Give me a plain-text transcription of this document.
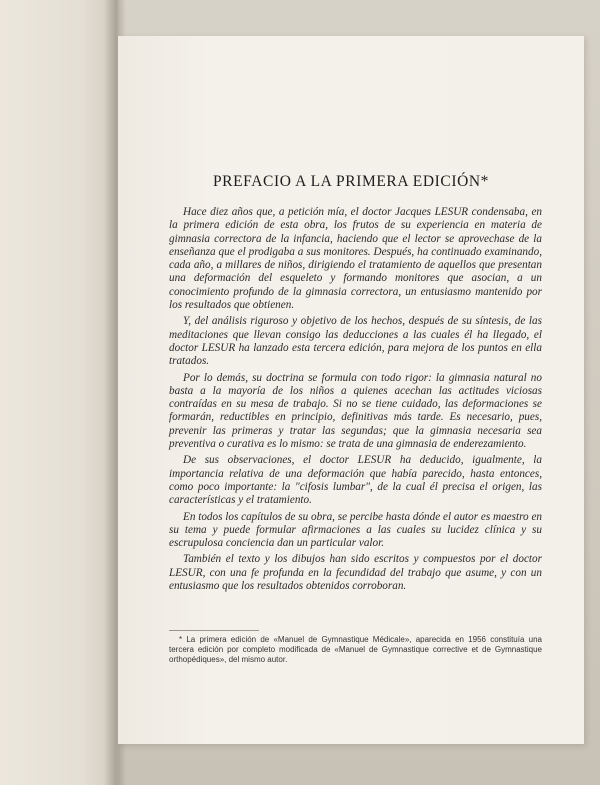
PREFACIO A LA PRIMERA EDICIÓN*

Hace diez años que, a petición mía, el doctor Jacques LESUR condensaba, en la primera edición de esta obra, los frutos de su experiencia en materia de gimnasia correctora de la infancia, haciendo que el lector se aprovechase de la enseñanza que el prodigaba a sus monitores. Después, ha continuado examinando, cada año, a millares de niños, dirigiendo el tratamiento de aquellos que presentan una deformación del esqueleto y formando monitores que asocian, a un conocimiento profundo de la gimnasia correctora, un entusiasmo mantenido por los resultados que obtienen.

Y, del análisis riguroso y objetivo de los hechos, después de su síntesis, de las meditaciones que llevan consigo las deducciones a las cuales él ha llegado, el doctor LESUR ha lanzado esta tercera edición, para mejora de los puntos en ella tratados.

Por lo demás, su doctrina se formula con todo rigor: la gimnasia natural no basta a la mayoría de los niños a quienes acechan las actitudes viciosas contraídas en su mesa de trabajo. Si no se tiene cuidado, las deformaciones se formarán, reductibles en principio, definitivas más tarde. Es necesario, pues, prevenir las primeras y tratar las segundas; que la gimnasia necesaria sea preventiva o curativa es lo mismo: se trata de una gimnasia de enderezamiento.

De sus observaciones, el doctor LESUR ha deducido, igualmente, la importancia relativa de una deformación que había parecido, hasta entonces, como poco importante: la "cifosis lumbar", de la cual él precisa el origen, las características y el tratamiento.

En todos los capítulos de su obra, se percibe hasta dónde el autor es maestro en su tema y puede formular afirmaciones a las cuales su lucidez clínica y su escrupulosa conciencia dan un particular valor.

También el texto y los dibujos han sido escritos y compuestos por el doctor LESUR, con una fe profunda en la fecundidad del trabajo que asume, y con un entusiasmo que los resultados obtenidos corroboran.

* La primera edición de «Manuel de Gymnastique Médicale», aparecida en 1956 constituía una tercera edición por completo modificada de «Manuel de Gymnastique corrective et de Gymnastique orthopédiques», del mismo autor.
